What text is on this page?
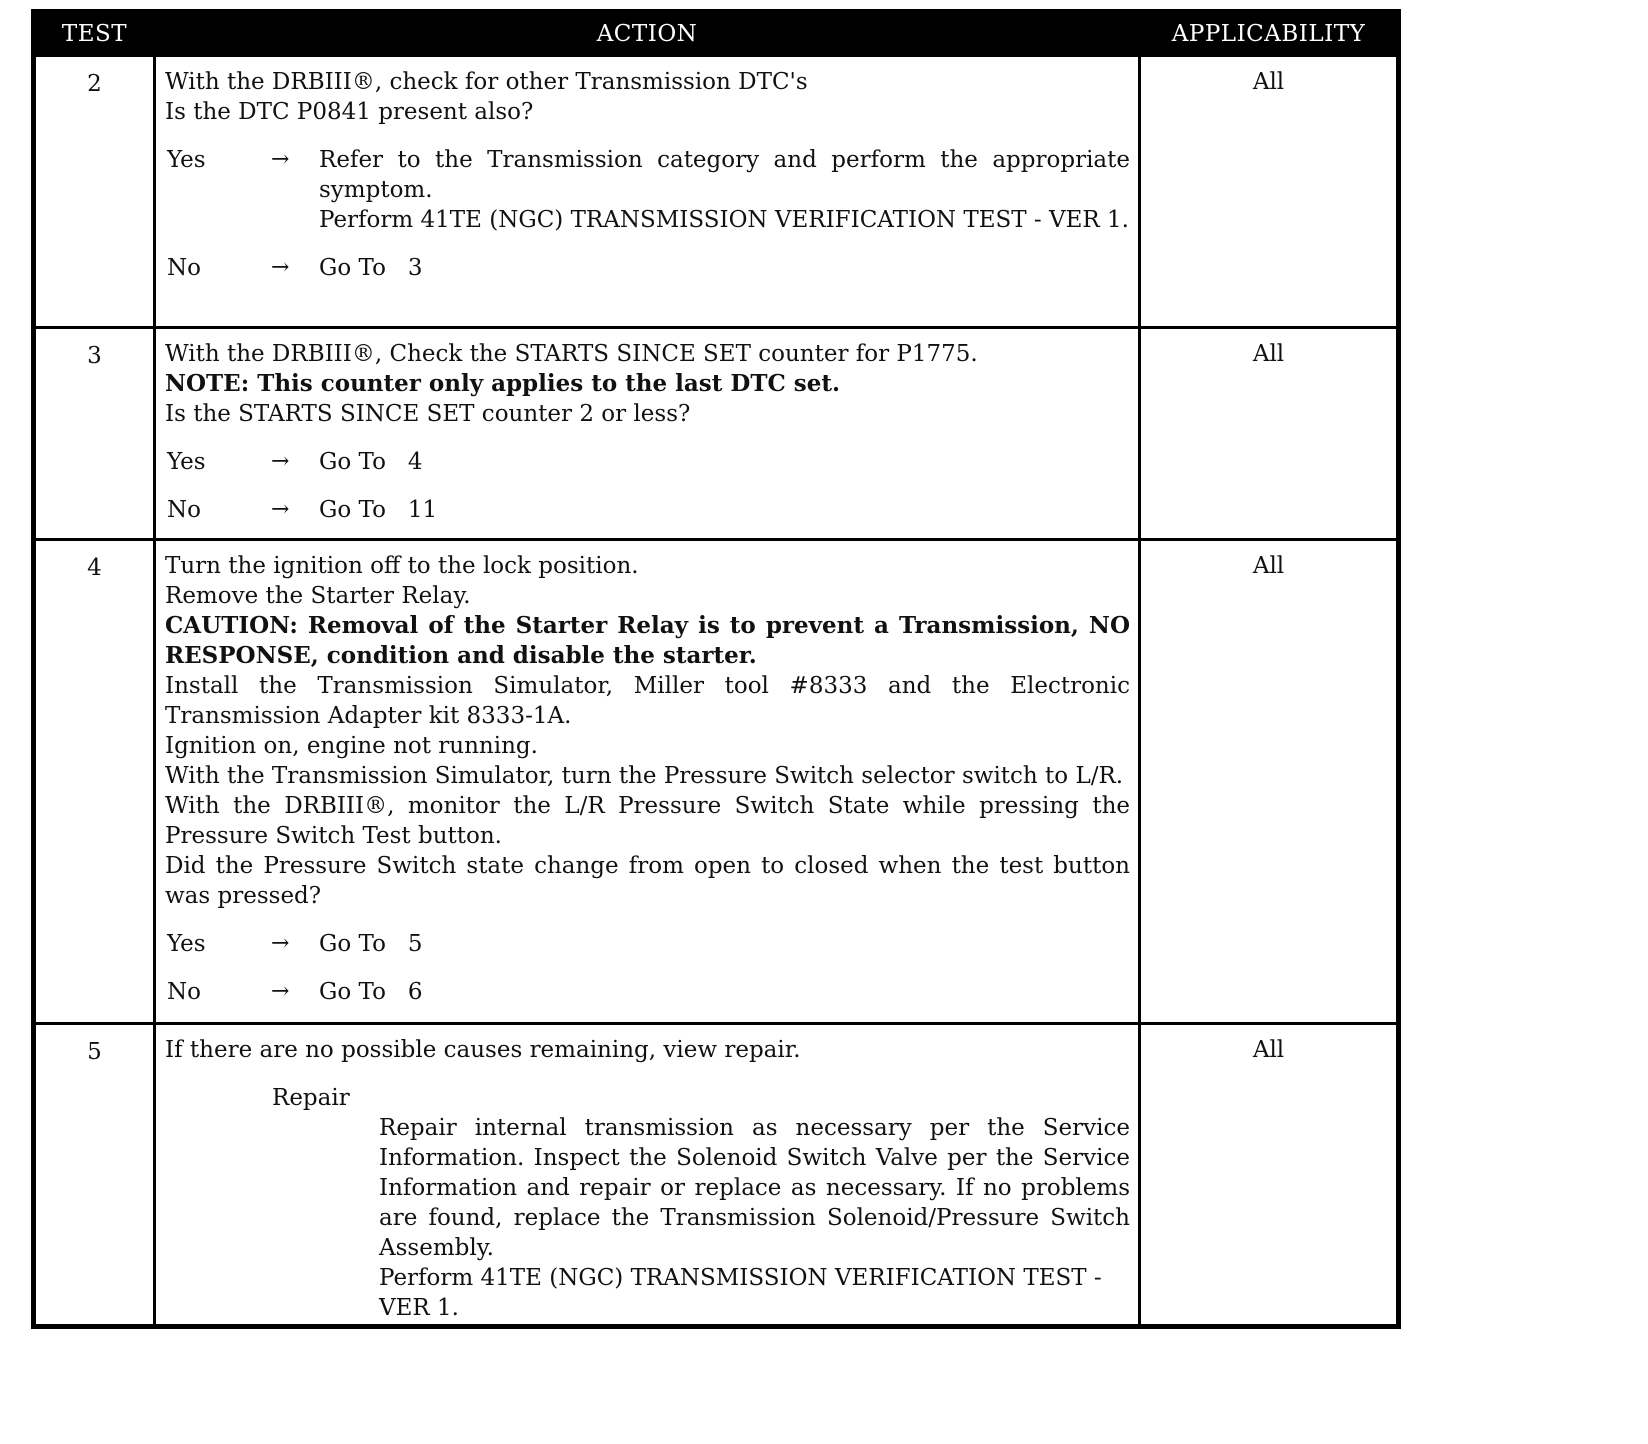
TEST	ACTION	APPLICABILITY
2	With the DRBIII®, check for other Transmission DTC's
Is the DTC P0841 present also?
Yes	→	Refer to the Transmission category and perform the appropriate symptom.
Perform 41TE (NGC) TRANSMISSION VERIFICATION TEST - VER 1.
No	→	Go To   3
All
3	With the DRBIII®, Check the STARTS SINCE SET counter for P1775.
NOTE: This counter only applies to the last DTC set.
Is the STARTS SINCE SET counter 2 or less?
Yes	→	Go To   4
No	→	Go To   11
All
4	Turn the ignition off to the lock position.
Remove the Starter Relay.
CAUTION: Removal of the Starter Relay is to prevent a Transmission, NO RESPONSE, condition and disable the starter.
Install the Transmission Simulator, Miller tool #8333 and the Electronic Transmission Adapter kit 8333-1A.
Ignition on, engine not running.
With the Transmission Simulator, turn the Pressure Switch selector switch to L/R.
With the DRBIII®, monitor the L/R Pressure Switch State while pressing the Pressure Switch Test button.
Did the Pressure Switch state change from open to closed when the test button was pressed?
Yes	→	Go To   5
No	→	Go To   6
All
5	If there are no possible causes remaining, view repair.
Repair
Repair internal transmission as necessary per the Service Information. Inspect the Solenoid Switch Valve per the Service Information and repair or replace as necessary. If no problems are found, replace the Transmission Solenoid/Pressure Switch Assembly.
Perform 41TE (NGC) TRANSMISSION VERIFICATION TEST - VER 1.
All
